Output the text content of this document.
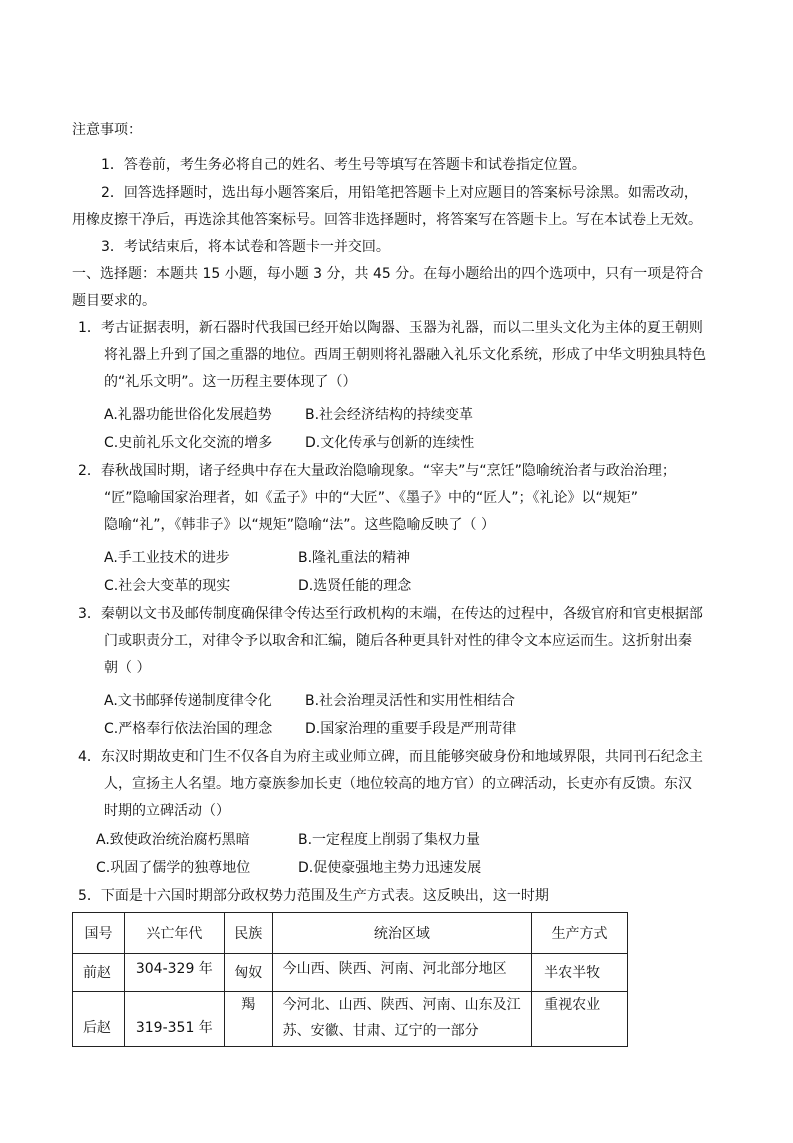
注意事项：
1．答卷前，考生务必将自己的姓名、考生号等填写在答题卡和试卷指定位置。
2．回答选择题时，选出每小题答案后，用铅笔把答题卡上对应题目的答案标号涂黑。如需改动，
用橡皮擦干净后，再选涂其他答案标号。回答非选择题时，将答案写在答题卡上。写在本试卷上无效。
3．考试结束后，将本试卷和答题卡一并交回。
一、选择题：本题共 15 小题，每小题 3 分，共 45 分。在每小题给出的四个选项中，只有一项是符合
题目要求的。
1．考古证据表明，新石器时代我国已经开始以陶器、玉器为礼器，而以二里头文化为主体的夏王朝则
将礼器上升到了国之重器的地位。西周王朝则将礼器融入礼乐文化系统，形成了中华文明独具特色
的“礼乐文明”。这一历程主要体现了（）
A.礼器功能世俗化发展趋势 B.社会经济结构的持续变革
C.史前礼乐文化交流的增多 D.文化传承与创新的连续性
2．春秋战国时期，诸子经典中存在大量政治隐喻现象。“宰夫”与“烹饪”隐喻统治者与政治治理；
“匠”隐喻国家治理者，如《孟子》中的“大匠”、《墨子》中的“匠人”；《礼论》以“规矩”
隐喻“礼”，《韩非子》以“规矩”隐喻“法”。这些隐喻反映了（ ）
A.手工业技术的进步	B.隆礼重法的精神
C.社会大变革的现实	D.选贤任能的理念
3．秦朝以文书及邮传制度确保律令传达至行政机构的末端，在传达的过程中，各级官府和官吏根据部
门或职责分工，对律令予以取舍和汇编，随后各种更具针对性的律令文本应运而生。这折射出秦
朝（ ）
A.文书邮驿传递制度律令化 B.社会治理灵活性和实用性相结合
C.严格奉行依法治国的理念 D.国家治理的重要手段是严刑苛律
4．东汉时期故吏和门生不仅各自为府主或业师立碑，而且能够突破身份和地域界限，共同刊石纪念主
人，宣扬主人名望。地方豪族参加长吏（地位较高的地方官）的立碑活动，长吏亦有反馈。东汉
时期的立碑活动（）
A.致使政治统治腐朽黑暗	B.一定程度上削弱了集权力量
C.巩固了儒学的独尊地位	D.促使豪强地主势力迅速发展
5．下面是十六国时期部分政权势力范围及生产方式表。这反映出，这一时期
国号	兴亡年代	民族	统治区域	生产方式

前赵	304-329 年	匈奴	今山西、陕西、河南、河北部分地区	半农半牧

后赵	319-351 年	羯	今河北、山西、陕西、河南、山东及江
苏、安徽、甘肃、辽宁的一部分	重视农业
